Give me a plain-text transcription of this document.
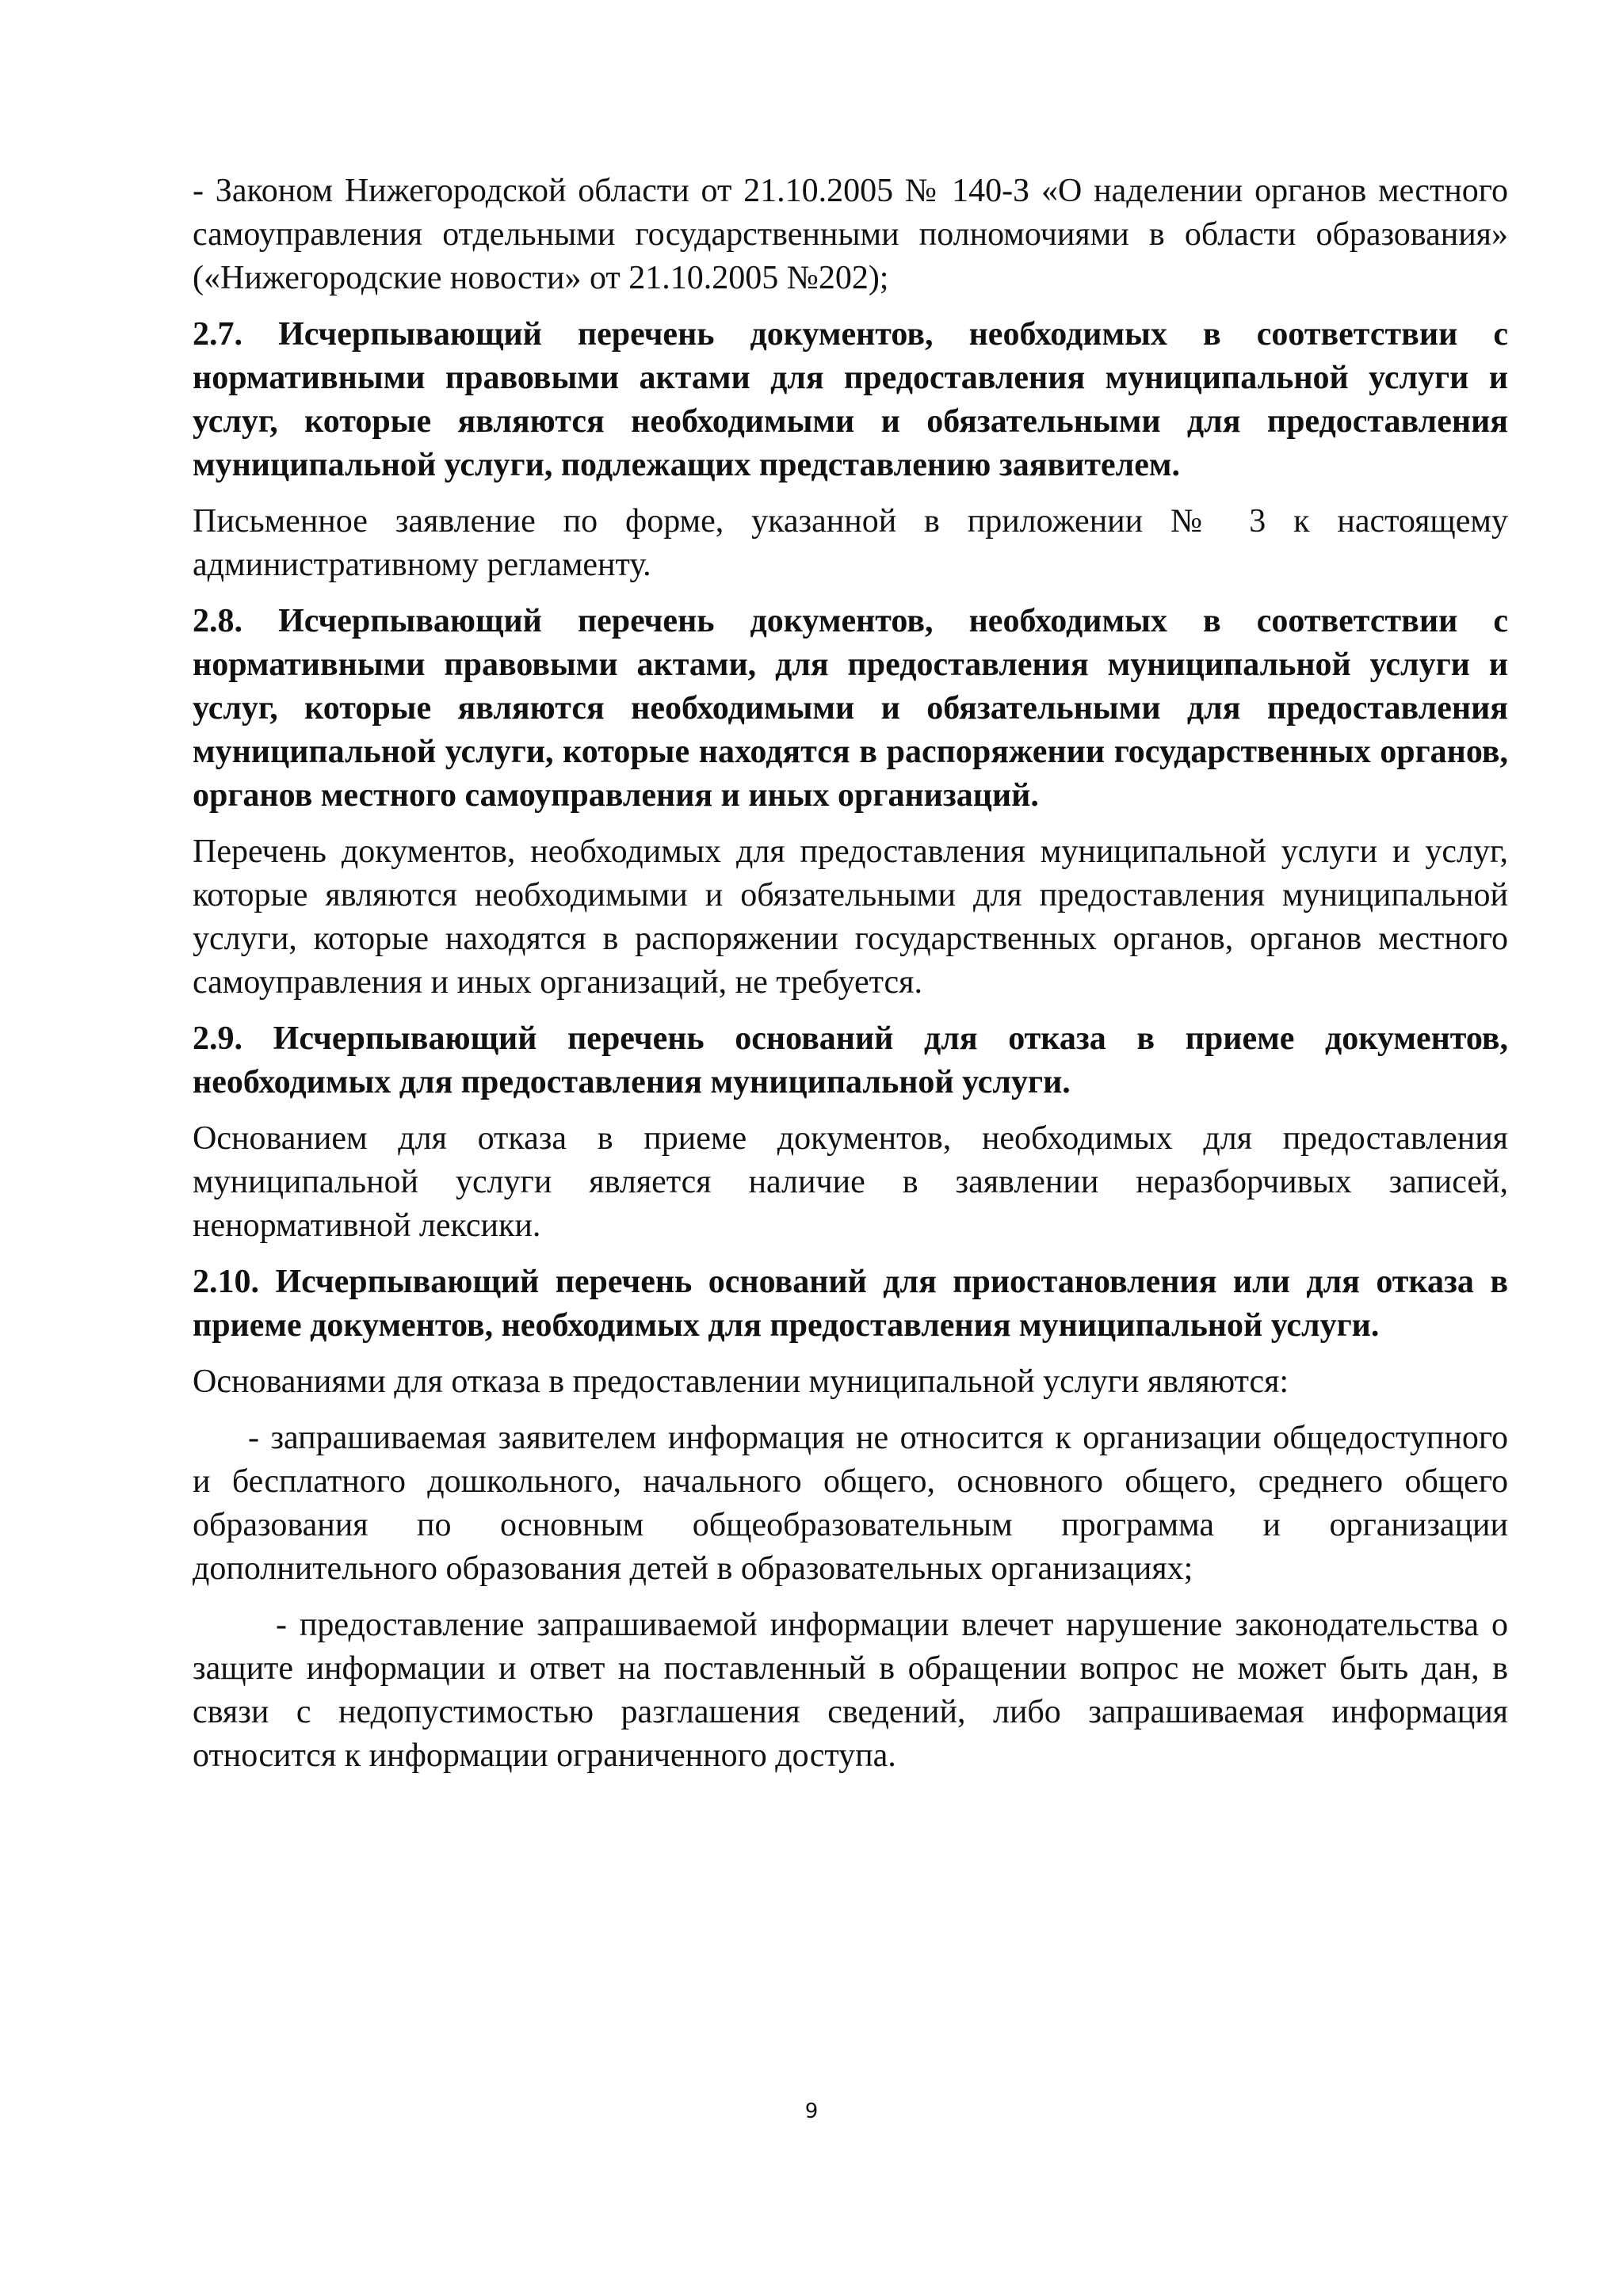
- Законом Нижегородской области от 21.10.2005 № 140-З «О наделении органов местного самоуправления отдельными государственными полномочиями в области образования» («Нижегородские новости» от 21.10.2005 №202);

2.7. Исчерпывающий перечень документов, необходимых в соответствии с нормативными правовыми актами для предоставления муниципальной услуги и услуг, которые являются необходимыми и обязательными для предоставления муниципальной услуги, подлежащих представлению заявителем.

Письменное заявление по форме, указанной в приложении № 3 к настоящему административному регламенту.

2.8. Исчерпывающий перечень документов, необходимых в соответствии с нормативными правовыми актами, для предоставления муниципальной услуги и услуг, которые являются необходимыми и обязательными для предоставления муниципальной услуги, которые находятся в распоряжении государственных органов, органов местного самоуправления и иных организаций.

Перечень документов, необходимых для предоставления муниципальной услуги и услуг, которые являются необходимыми и обязательными для предоставления муниципальной услуги, которые находятся в распоряжении государственных органов, органов местного самоуправления и иных организаций, не требуется.

2.9. Исчерпывающий перечень оснований для отказа в приеме документов, необходимых для предоставления муниципальной услуги.

Основанием для отказа в приеме документов, необходимых для предоставления муниципальной услуги является наличие в заявлении неразборчивых записей, ненормативной лексики.

2.10. Исчерпывающий перечень оснований для приостановления или для отказа в приеме документов, необходимых для предоставления муниципальной услуги.

Основаниями для отказа в предоставлении муниципальной услуги являются:

- запрашиваемая заявителем информация не относится к организации общедоступного и бесплатного дошкольного, начального общего, основного общего, среднего общего образования по основным общеобразовательным программа и организации дополнительного образования детей в образовательных организациях;

- предоставление запрашиваемой информации влечет нарушение законодательства о защите информации и ответ на поставленный в обращении вопрос не может быть дан, в связи с недопустимостью разглашения сведений, либо запрашиваемая информация относится к информации ограниченного доступа.

9
